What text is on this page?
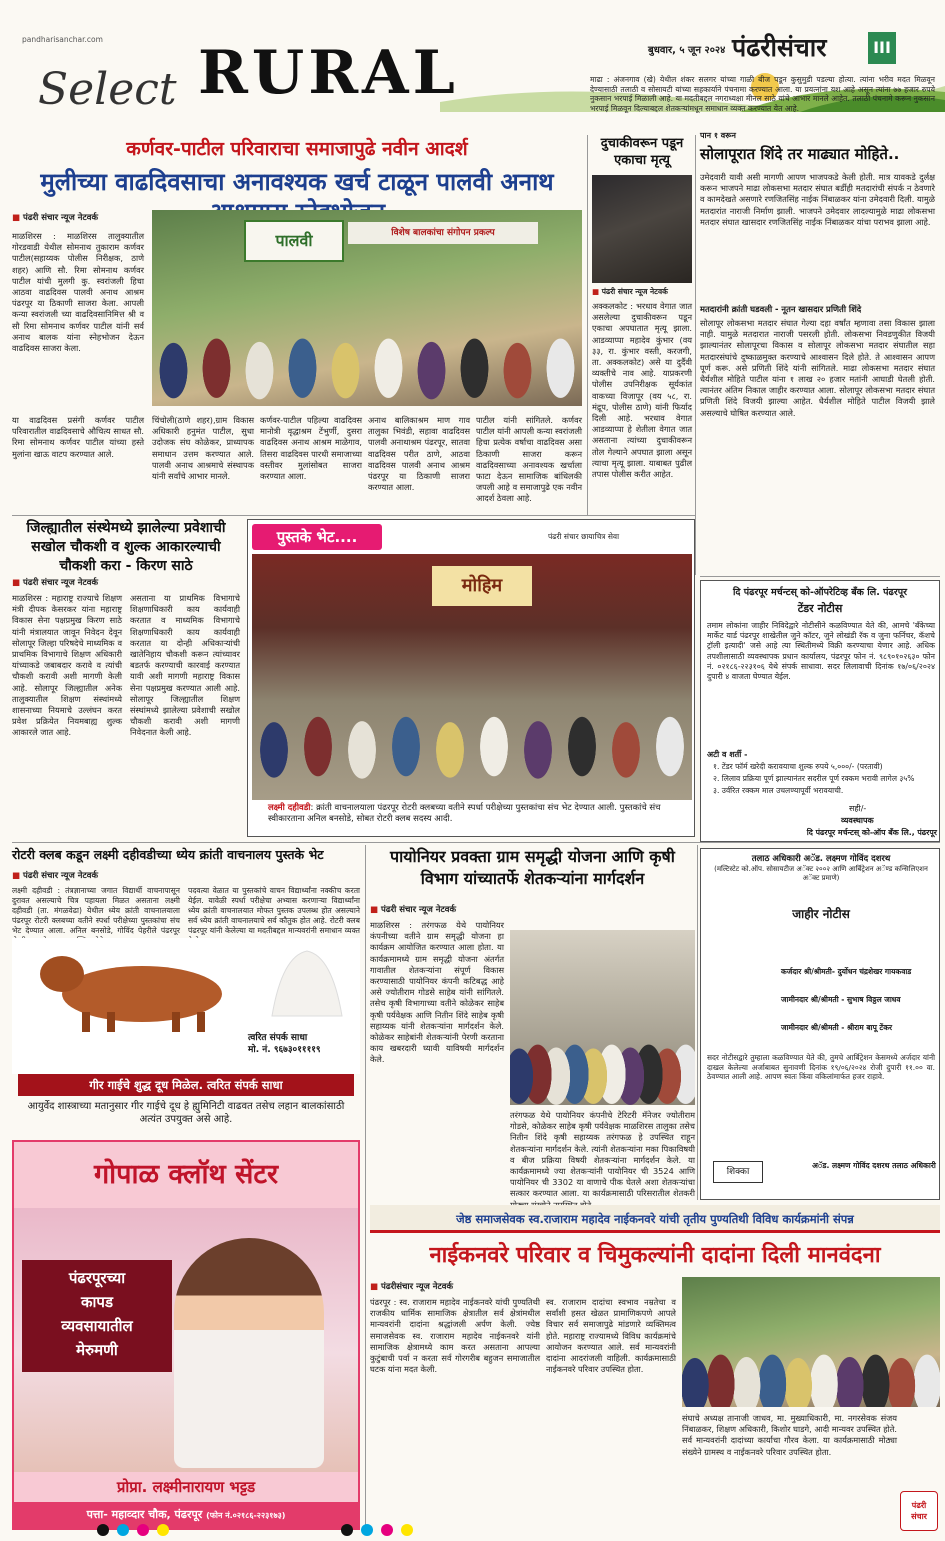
pandharisanchar.com
Select RURAL	बुधवार, ५ जून २०२४ पंढरीसंचार	III
माढा : अंजनगाव (खे) येथील शंकर सलगर यांच्या गाळी बीज पडून कुसुमुडी पडल्या होत्या. त्यांना भरीव मदत मिळवून देण्यासाठी तलाठी व सोसायटी यांच्या सहकार्याने पंचनामा करण्यात आला. या प्रयत्नांना यश आहे असून त्यांना ७७ हजार रुपये नुकसान भरपाई मिळाली आहे. या मदतीबद्दल नगराध्यक्षा मीनल साठे यांचे आभार मानले आहेत. तलाठी पंचनामे करून नुकसान भरपाई मिळवून दिल्याबद्दल शेतकऱ्यांमधून समाधान व्यक्त करण्यात येत आहे.
कर्णवर-पाटील परिवाराचा समाजापुढे नवीन आदर्श
मुलीच्या वाढदिवसाचा अनावश्यक खर्च टाळून पालवी अनाथ
■ पंढरी संचार न्यूज नेटवर्क
पालवी	विशेष बालकांचा संगोपन प्रकल्प
माळशिरस : माळशिरस तालुक्यातील गोरडवाडी येथील सोमनाथ तुकाराम कर्णवर पाटील(सहाय्यक पोलीस निरीक्षक, ठाणे शहर) आणि सौ. रिमा सोमनाथ कर्णवर पाटील यांची मुलगी कु. स्वरांजली हिचा आठवा वाढदिवस पालवी अनाथ आश्रम पंढरपूर या ठिकाणी साजरा केला. आपली कन्या स्वरांजली च्या वाढदिवसानिमित्त श्री व सौ रिमा सोमनाथ कर्णवर पाटील यांनी सर्व अनाथ बालक यांना स्नेहभोजन देऊन वाढदिवस साजरा केला.
या वाढदिवस प्रसंगी कर्णवर पाटील परिवारातील वाढदिवसाचे औचित्य साधत सौ. रिमा सोमनाथ कर्णवर पाटील यांच्या हस्ते मुलांना खाऊ वाटप करण्यात आले.
चिंचोली(ठाणे शहर),ग्राम विकास अधिकारी हनुमंत पाटील, सुधा उदोजक संघ कोळेकर, प्राध्यापक समाधान उत्तम करण्यात आले. पालवी अनाथ आश्रमाचे संस्थापक यांनी सर्वांचे आभार मानले.
कर्णवर-पाटील पहिल्या वाढदिवस मानोत्री वृद्धाश्रम टेंभुर्णी, दुसरा वाढदिवस अनाथ आश्रम माळेगाव, तिसरा वाढदिवस पारधी समाजाच्या वस्तीवर मुलांसोबत साजरा करण्यात आला.
अनाथ बालिकाश्रम माण गाव तालुका भिवंडी, सहावा वाढदिवस पालवी अनाथाश्रम पंढरपूर, सातवा वाढदिवस परीत ठाणे, आठवा वाढदिवस पालवी अनाथ आश्रम पंढरपूर या ठिकाणी साजरा करण्यात आला.
पाटील यांनी सांगितले. कर्णवर पाटील यांनी आपली कन्या स्वरांजली हिचा प्रत्येक वर्षाचा वाढदिवस असा ठिकाणी साजरा करून वाढदिवसाच्या अनावश्यक खर्चाला फाटा देऊन सामाजिक बांधिलकी जपली आहे व समाजापुढे एक नवीन आदर्श ठेवला आहे.
दुचाकीवरून पडून एकाचा मृत्यू
■ पंढरी संचार न्यूज नेटवर्क
अक्कलकोट : भरधाव वेगात जात असलेल्या दुचाकीवरून पडून एकाचा अपघातात मृत्यू झाला. आडव्याप्पा महादेव कुंभार (वय ३३, रा. कुंभार वस्ती, करजगी, ता. अक्कलकोट) असे या दुर्दैवी व्यक्तीचे नाव आहे. याप्रकरणी पोलीस उपनिरीक्षक सूर्यकांत वाकच्या विजापूर (वय ५८, रा. मंद्रूप, पोलीस ठाणे) यांनी फिर्याद दिली आहे. भरधाव वेगात आडव्याप्पा हे शेतीला वेगात जात असताना त्यांच्या दुचाकीवरून तोल गेल्याने अपघात झाला असून त्याचा मृत्यू झाला. याबाबत पुढील तपास पोलीस करीत आहेत.
पान १ वरून
सोलापूरात शिंदे तर माढ्यात मोहिते..
उमेदवारी यावी असी मागणी आपण भाजपकडे केली होती. मात्र यावकडे दुर्लक्ष करून भाजपने माढा लोकसभा मतदार संघात बर्डीही मतदारांची संपर्क न ठेवणारे व कामदेखते असणारे रणजितसिंह नाईक निंबाळकर यांना उमेदवारी दिली. यामुळे मतदारांत नाराजी निर्माण झाली. भाजपने उमेदवार लादल्यामुळे माढा लोकसभा मतदार संघात खासदार रणजितसिंह नाईक निंबाळकर यांचा पराभव झाला आहे.
मतदारांनी क्रांती घडवली - नूतन खासदार प्रणिती शिंदे
सोलापूर लोकसभा मतदार संघात गेल्या दहा वर्षांत म्हणावा तसा विकास झाला नाही. यामुळे मतदारात नाराजी पसरली होती. लोकसभा निवडणुकीत विजयी झाल्यानंतर सोलापूरचा विकास व सोलापूर लोकसभा मतदार संघातील सहा मतदारसंघांचे दुष्काळमुक्त करण्याचे आश्वासन दिले होते. ते आश्वासन आपण पूर्ण करू. असे प्रणिती शिंदे यांनी सांगितले. माढा लोकसभा मतदार संघात धैर्यशील मोहिते पाटील यांना १ लाख २० हजार मतांनी आघाडी घेतली होती. त्यानंतर अंतिम निकाल जाहीर करण्यात आला. सोलापूर लोकसभा मतदार संघात प्रणिती शिंदे विजयी झाल्या आहेत. धैर्यशील मोहिते पाटील विजयी झाले असल्याचे घोषित करण्यात आले.
दि पंढरपूर मर्चन्टस् को-ऑपरेटिव्ह बँक लि. पंढरपूर
टेंडर नोटीस
तमाम लोकांना जाहीर निविदेद्वारे नोटीसीने कळविण्यात येते की, आमचे 'बँकेच्या मार्केट यार्ड पंढरपूर शाखेतील जुने कॉटर, जुने लोखंडी रॅक व जुना फर्निचर, कॅशचे ट्रॉली इत्यादी' जसे आहे त्या स्थितीमध्ये विक्री करण्याचा येणार आहे. अधिक तपशीलासाठी व्यवस्थापक प्रधान कार्यालय, पंढरपूर फोन नं. ९८९०१०२६३० फोन नं. ०२१८६-२२३१०६ येथे संपर्क साधावा. सदर लिलावाची दिनांक १७/०६/२०२४ दुपारी ४ वाजता घेण्यात येईल.
अटी व शर्ती -
१. टेंडर फॉर्म खरेदी करावयाचा शुल्क रुपये ५,०००/- (परतावी)
२. लिलाव प्रक्रिया पूर्ण झाल्यानंतर सदरील पूर्ण रक्कम भरावी लागेल ३५%
३. उर्वरित रक्कम माल उचलण्यापूर्वी भरावयाची.
सही/-
व्यवस्थापक
दि पंढरपूर मर्चन्टस् को-ऑप बँक लि., पंढरपूर
जिल्ह्यातील संस्थेमध्ये झालेल्या प्रवेशाची सखोल चौकशी व शुल्क आकारल्याची चौकशी करा - किरण साठे
■ पंढरी संचार न्यूज नेटवर्क
माळशिरस : महाराष्ट्र राज्याचे शिक्षण मंत्री दीपक केसरकर यांना महाराष्ट्र विकास सेना पक्षप्रमुख किरण साठे यांनी मंत्रालयात जावून निवेदन देवून सोलापूर जिल्हा परिषदेचे माध्यमिक व प्राथमिक विभागाचे शिक्षण अधिकारी यांच्याकडे जबाबदार करावे व त्यांची चौकशी करावी अशी मागणी केली आहे. सोलापूर जिल्ह्यातील अनेक तालुक्यातील शिक्षण संस्थांमध्ये शासनाच्या नियमाचे उल्लंघन करत प्रवेश प्रक्रियेत नियमबाह्य शुल्क आकारले जात आहे.
असताना या प्राथमिक विभागाचे शिक्षणाधिकारी काय कार्यवाही करतात व माध्यमिक विभागाचे शिक्षणाधिकारी काय कार्यवाही करतात या दोन्ही अधिकाऱ्यांची खातेनिहाय चौकशी करून त्यांच्यावर बडतर्फ करण्याची कारवाई करण्यात यावी अशी मागणी महाराष्ट्र विकास सेना पक्षप्रमुख करण्यात आली आहे. सोलापूर जिल्ह्यातील शिक्षण संस्थांमध्ये झालेल्या प्रवेशाची सखोल चौकशी करावी अशी मागणी निवेदनात केली आहे.
पुस्तके भेट....	पंढरी संचार छायाचित्र सेवा
मोहिम
लक्ष्मी दहीवडी: क्रांती वाचनालयाला पंढरपूर रोटरी क्लबच्या वतीने स्पर्धा परीक्षेच्या पुस्तकांचा संच भेट देण्यात आली. पुस्तकांचे संच स्वीकारताना अनिल बनसोडे, सोबत रोटरी क्लब सदस्य आदी.
रोटरी क्लब कडून लक्ष्मी दहीवडीच्या ध्येय क्रांती वाचनालय पुस्तके भेट
■ पंढरी संचार न्यूज नेटवर्क
लक्ष्मी दहीवडी : तंत्रज्ञानाच्या जगात विद्यार्थी वाचनापासून दुरावत असल्याचे चित्र पहायला मिळत असताना लक्ष्मी दहीवडी (ता. मंगळवेढा) येथील ध्येय क्रांती वाचनालयाला पंढरपूर रोटरी क्लबच्या वतीने स्पर्धा परीक्षेच्या पुस्तकांचा संच भेट देण्यात आला. अनिल बनसोडे, गोविंद पेहरीले पंढरपूर
पदवत्या वेळात या पुस्तकांचे वाचन विद्यार्थ्यांना नक्कीच करता येईल. यावेळी स्पर्धा परीक्षेचा अभ्यास करणाऱ्या विद्यार्थ्यांना ध्येय क्रांती वाचनालयात मोफत पुस्तक उपलब्ध होत असल्याने सर्व ध्येय क्रांती वाचनालयाचे सर्व कौतुक होत आहे. रोटरी क्लब पंढरपूर यांनी केलेल्या या मदतीबद्दल मान्यवरांनी समाधान व्यक्त
त्वरित संपर्क साधा
मो. नं. ९६७३०११११९
गीर गाईचे शुद्ध दूध मिळेल. त्वरित संपर्क साधा
आयुर्वेद शास्त्राच्या मतानुसार गीर गाईचे दूध हे ह्युमिनिटी वाढवत तसेच लहान बालकांसाठी अत्यंत उपयुक्त असे आहे.
गोपाळ क्लॉथ सेंटर
पंढरपूरच्या
कापड
व्यवसायातील
मेरुमणी
प्रोप्रा. लक्ष्मीनारायण भट्टड
पत्ता- महाव्दार चौक, पंढरपूर (फोन नं.०२१८६-२२३१७३)
पायोनियर प्रवक्ता ग्राम समृद्धी योजना आणि कृषी विभाग यांच्यातर्फे शेतकऱ्यांना मार्गदर्शन
■ पंढरी संचार न्यूज नेटवर्क
माळशिरस : तरंगफळ येथे पायोनियर कंपनीच्या वतीने ग्राम समृद्धी योजना हा कार्यक्रम आयोजित करण्यात आला होता. या कार्यक्रमामध्ये ग्राम समृद्धी योजना अंतर्गत गावातील शेतकऱ्यांना संपूर्ण विकास करण्यासाठी पायोनियर कंपनी कटिबद्ध आहे असे ज्योतीराम गोडसे साहेब यांनी सांगितले. तसेच कृषी विभागाच्या वतीने कोळेकर साहेब कृषी पर्यवेक्षक आणि नितीन शिंदे साहेब कृषी सहाय्यक यांनी शेतकऱ्यांना मार्गदर्शन केले. कोळेकर साहेबांनी शेतकऱ्यांनी पेरणी करताना काय खबरदारी घ्यावी याविषयी मार्गदर्शन केले.
तरंगफळ येथे पायोनियर कंपनीचे टेरिटरी मॅनेजर ज्योतीराम गोडसे, कोळेकर साहेब कृषी पर्यवेक्षक माळशिरस तालुका तसेच नितीन शिंदे कृषी सहाय्यक तरंगफळ हे उपस्थित राहून शेतकऱ्यांना मार्गदर्शन केले. त्यांनी शेतकऱ्यांना मका पिकाविषयी व बीज प्रक्रिया विषयी शेतकऱ्यांना मार्गदर्शन केले. या कार्यक्रमामध्ये ज्या शेतकऱ्यांनी पायोनियर ची 3524 आणि पायोनियर ची 3302 या वाणाचे पीक घेतले अशा शेतकऱ्यांचा सत्कार करण्यात आला. या कार्यक्रमासाठी परिसरातील शेतकरी
तलाठ अधिकारी अॅड. लक्ष्मण गोविंद दशरथ
(मल्टिस्टेट को.ऑप. सोसायटीज अॅक्ट २००२ आणि आर्बिट्रेशन अॅण्ड कन्सिलिएशन अॅक्ट प्रमाणे)
जाहीर नोटीस
कर्जदार श्री/श्रीमती- दुर्योधन चंद्रशेखर गायकवाड
जामीनदार श्री/श्रीमती - सुभाष विठ्ठल जाधव
जामीनदार श्री/श्रीमती - श्रीराम बापू टेंकर
सदर नोटीसद्वारे तुम्हाला कळविण्यात येते की, तुमचे आर्बिट्रेशन केसमध्ये अर्जदार यांनी दाखल केलेल्या अर्जाबाबत सुनावणी दिनांक १९/०६/२०२४ रोजी दुपारी ११.०० वा. ठेवण्यात आली आहे. आपण स्वतः किंवा वकिलांमार्फत हजर राहावे.
शिक्का
अॅड. लक्ष्मण गोविंद दशरथ तलाठ अधिकारी
जेष्ठ समाजसेवक स्व.राजाराम महादेव नाईकनवरे यांची तृतीय पुण्यतिथी विविध कार्यक्रमांनी संपन्न
नाईकनवरे परिवार व चिमुकल्यांनी दादांना दिली मानवंदना
■ पंढरीसंचार न्यूज नेटवर्क
पंढरपूर : स्व. राजाराम महादेव नाईकनवरे यांची पुण्यतिथी राजकीय धार्मिक सामाजिक क्षेत्रातील सर्व क्षेत्रांमधील मान्यवरांनी दादांना श्रद्धांजली अर्पण केली. ज्येष्ठ समाजसेवक स्व. राजाराम महादेव नाईकनवरे यांनी सामाजिक क्षेत्रामध्ये काम करत असताना आपल्या कुटुंबाची पर्वा न करता सर्व गोरगरीब बहुजन समाजातील घटक यांना मदत केली.
स्व. राजाराम दादांचा स्वभाव नम्रतेचा व सर्वांशी हसत खेळत प्रामाणिकपणे आपले विचार सर्व समाजापुढे मांडणारे व्यक्तिमत्व होते. महाराष्ट्र राज्यामध्ये विविध कार्यक्रमांचे आयोजन करण्यात आले. सर्व मान्यवरांनी दादांना आदरांजली वाहिली. कार्यक्रमासाठी नाईकनवरे परिवार उपस्थित होता.
संघाचे अध्यक्ष तानाजी जाधव, मा. मुख्याधिकारी, मा. नगरसेवक संजय निंबाळकर, शिक्षण अधिकारी, किशोर घाडगे, आदी मान्यवर उपस्थित होते. सर्व मान्यवरांनी दादांच्या कार्याचा गौरव केला. या कार्यक्रमासाठी मोठ्या संख्येने ग्रामस्थ व नाईकनवरे परिवार उपस्थित होता.
पंढरी
संचार
